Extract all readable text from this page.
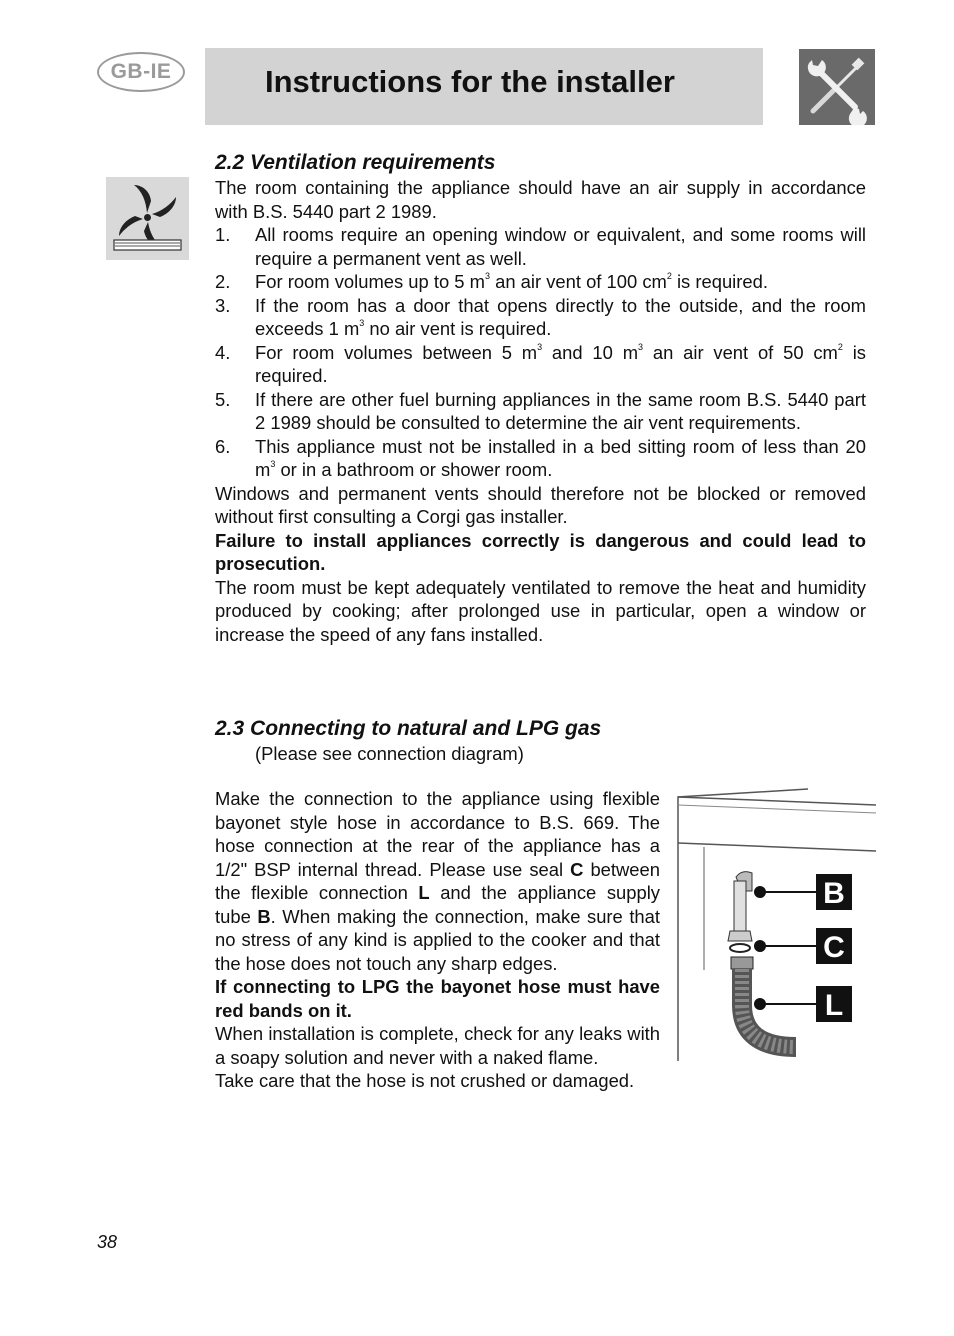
GB-IE	Instructions for the installer
2.2 Ventilation requirements

The room containing the appliance should have an air supply in accordance with B.S. 5440 part 2 1989.

1. All rooms require an opening window or equivalent, and some rooms will require a permanent vent as well.
2. For room volumes up to 5 $m^3$ an air vent of 100 $cm^2$ is required.
3. If the room has a door that opens directly to the outside, and the room exceeds 1 $m^3$ no air vent is required.
4. For room volumes between 5 $m^3$ and 10 $m^3$ an air vent of 50 $cm^2$ is required.
5. If there are other fuel burning appliances in the same room B.S. 5440 part 2 1989 should be consulted to determine the air vent requirements.
6. This appliance must not be installed in a bed sitting room of less than 20 $m^3$ or in a bathroom or shower room.

Windows and permanent vents should therefore not be blocked or removed without first consulting a Corgi gas installer.

Failure to install appliances correctly is dangerous and could lead to prosecution.

The room must be kept adequately ventilated to remove the heat and humidity produced by cooking; after prolonged use in particular, open a window or increase the speed of any fans installed.

2.3 Connecting to natural and LPG gas
(Please see connection diagram)

Make the connection to the appliance using flexible bayonet style hose in accordance to B.S. 669. The hose connection at the rear of the appliance has a 1/2" BSP internal thread. Please use seal C between the flexible connection L and the appliance supply tube B. When making the connection, make sure that no stress of any kind is applied to the cooker and that the hose does not touch any sharp edges.

If connecting to LPG the bayonet hose must have red bands on it.

When installation is complete, check for any leaks with a soapy solution and never with a naked flame.

Take care that the hose is not crushed or damaged.

B
C
L
38
